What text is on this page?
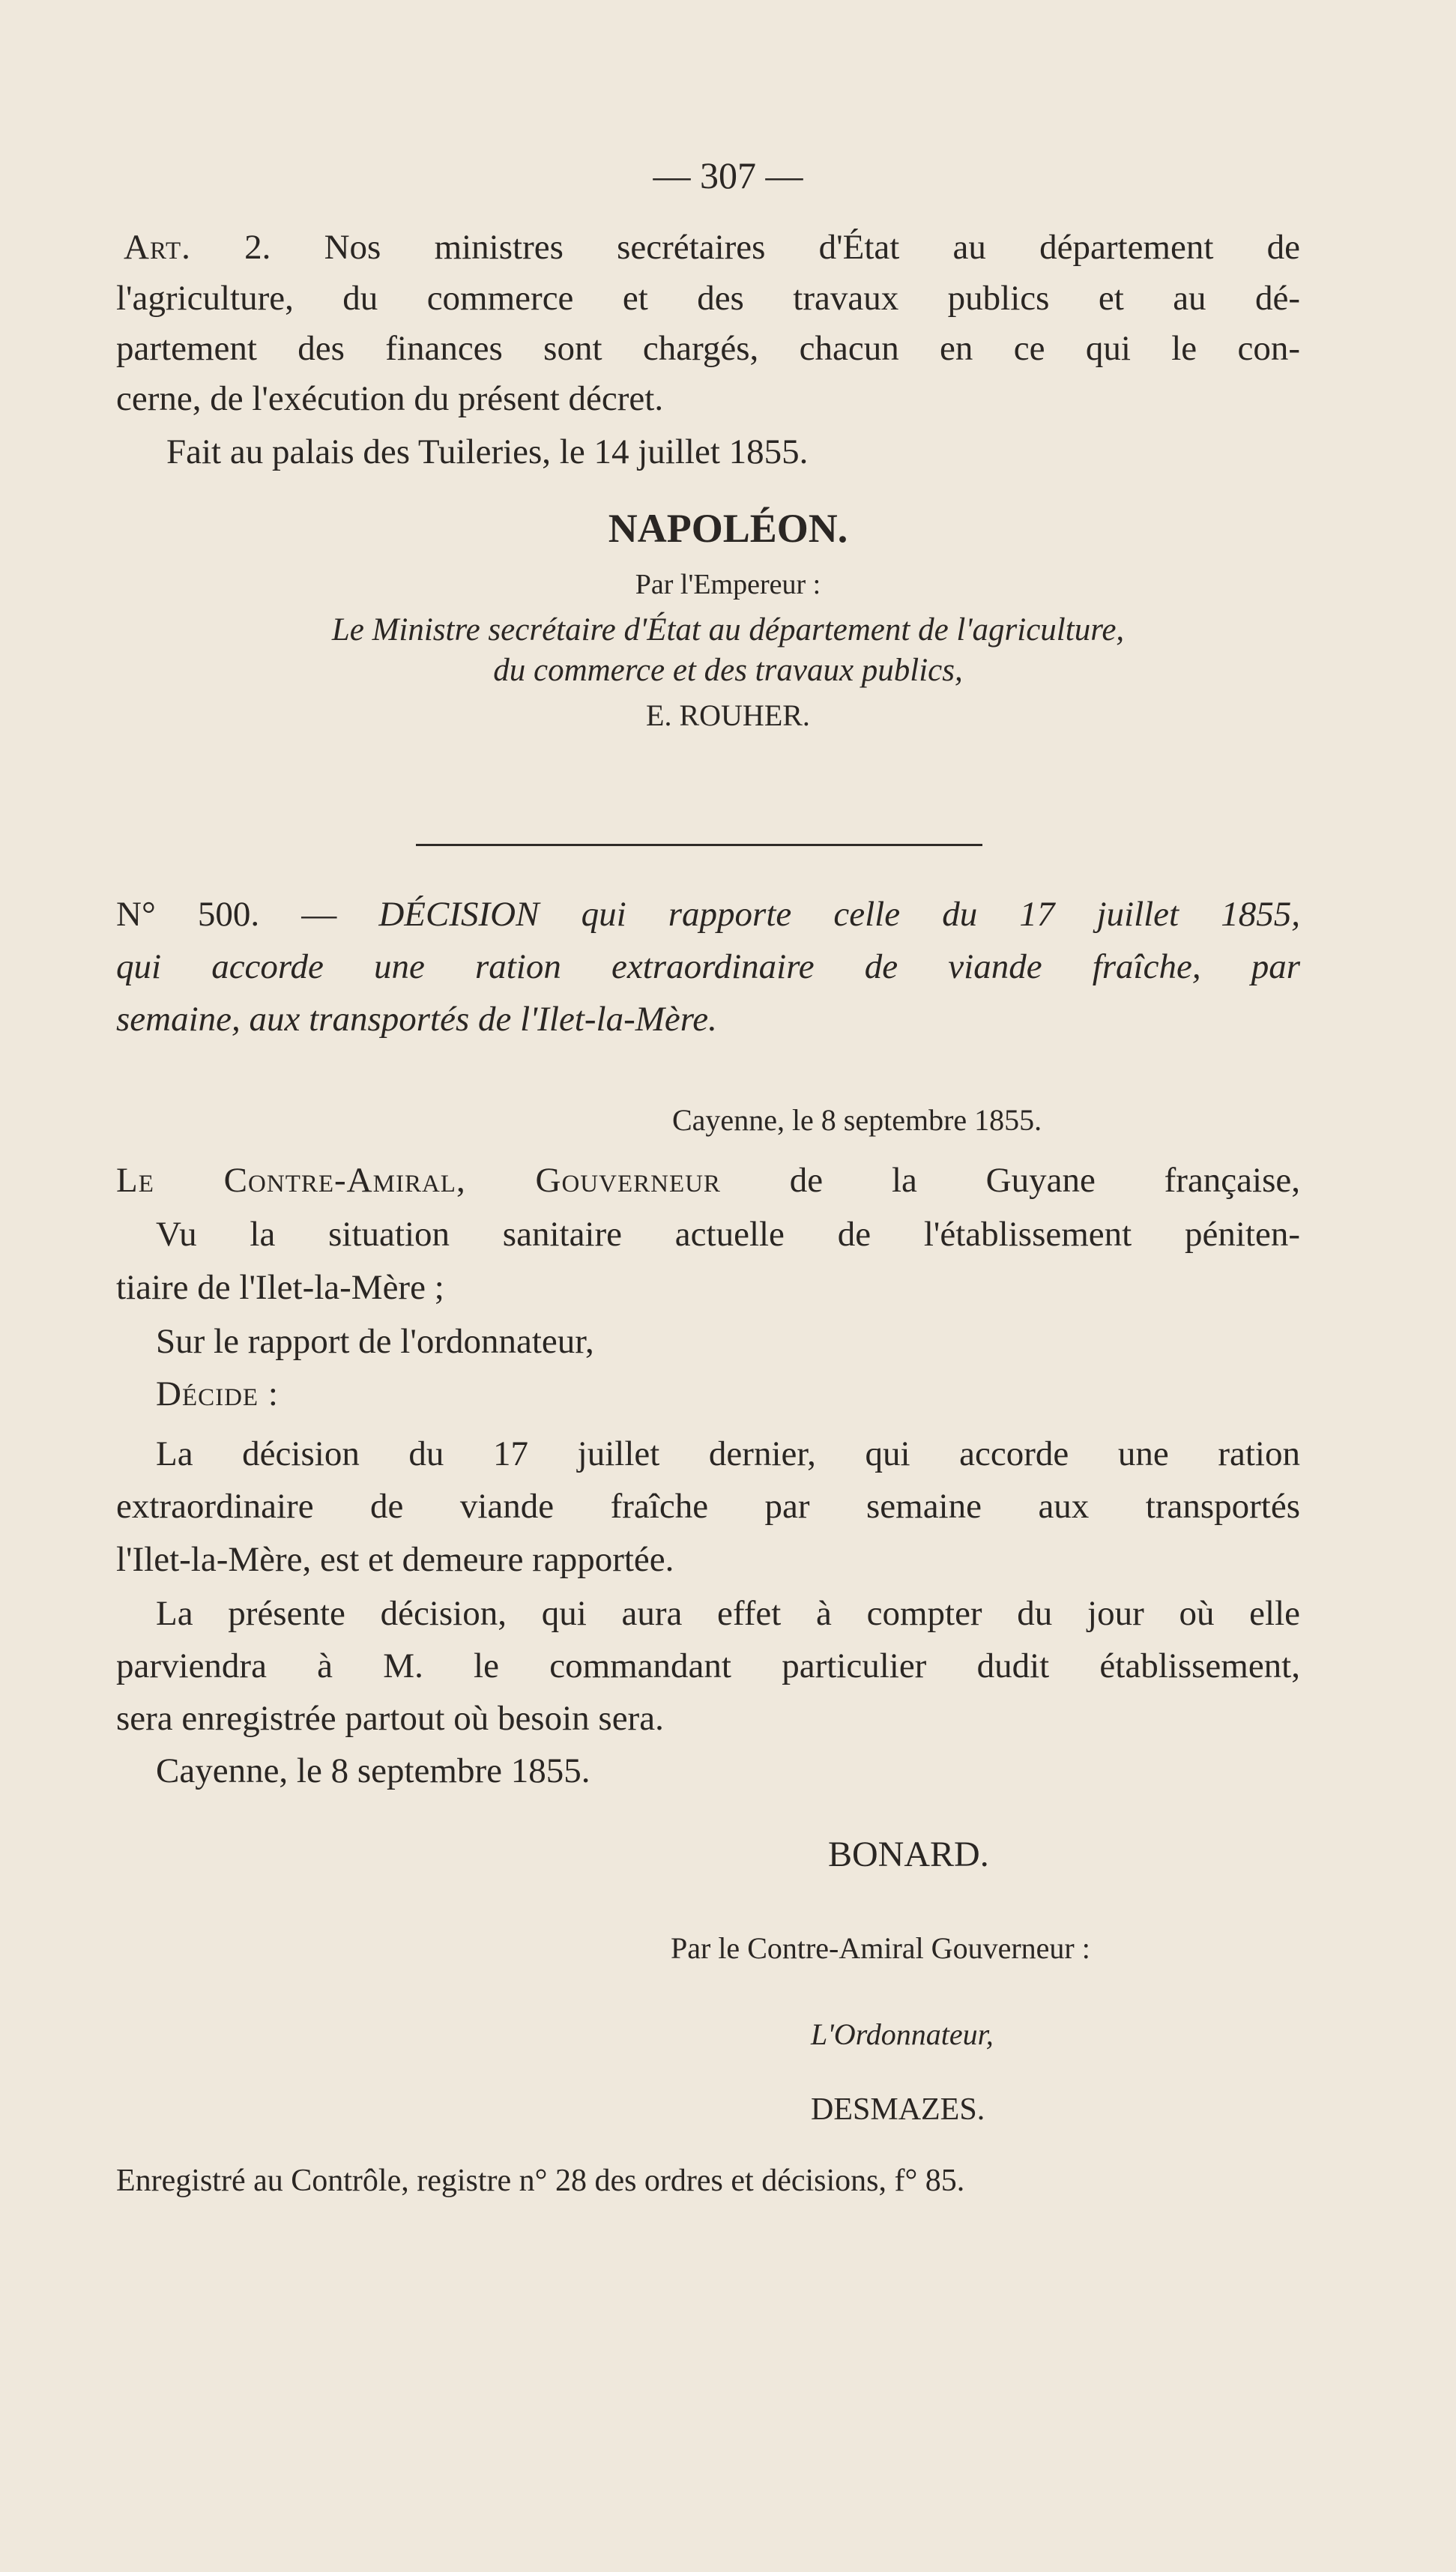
— 307 —

Art. 2. Nos ministres secrétaires d'État au département de

l'agriculture, du commerce et des travaux publics et au dé-

partement des finances sont chargés, chacun en ce qui le con-

cerne, de l'exécution du présent décret.

Fait au palais des Tuileries, le 14 juillet 1855.

NAPOLÉON.

Par l'Empereur :

Le Ministre secrétaire d'État au département de l'agriculture,

du commerce et des travaux publics,

E. ROUHER.

N° 500. — DÉCISION qui rapporte celle du 17 juillet 1855,

qui accorde une ration extraordinaire de viande fraîche, par

semaine, aux transportés de l'Ilet-la-Mère.

Cayenne, le 8 septembre 1855.

Le Contre-Amiral, Gouverneur de la Guyane française,

Vu la situation sanitaire actuelle de l'établissement péniten-

tiaire de l'Ilet-la-Mère ;

Sur le rapport de l'ordonnateur,

Décide :

La décision du 17 juillet dernier, qui accorde une ration

extraordinaire de viande fraîche par semaine aux transportés

l'Ilet-la-Mère, est et demeure rapportée.

La présente décision, qui aura effet à compter du jour où elle

parviendra à M. le commandant particulier dudit établissement,

sera enregistrée partout où besoin sera.

Cayenne, le 8 septembre 1855.

BONARD.

Par le Contre-Amiral Gouverneur :

L'Ordonnateur,

DESMAZES.

Enregistré au Contrôle, registre n° 28 des ordres et décisions, f° 85.
